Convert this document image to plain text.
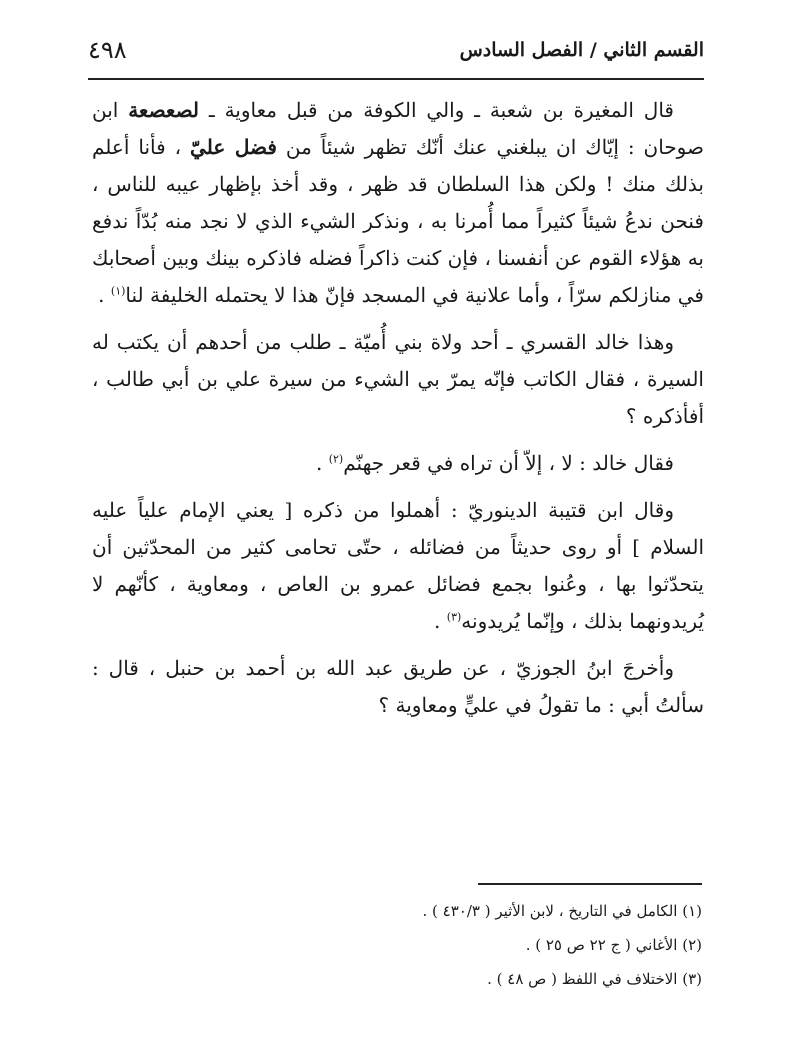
القسم الثاني / الفصل السادس
٤٩٨

قال المغيرة بن شعبة ـ والي الكوفة من قبل معاوية ـ لصعصعة ابن صوحان : إيّاك ان يبلغني عنك أنّك تظهر شيئاً من فضل عليّ ، فأنا أعلم بذلك منك ! ولكن هذا السلطان قد ظهر ، وقد أخذ بإظهار عيبه للناس ، فنحن ندعُ شيئاً كثيراً مما أُمرنا به ، ونذكر الشيء الذي لا نجد منه بُدّاً ندفع به هؤلاء القوم عن أنفسنا ، فإن كنت ذاكراً فضله فاذكره بينك وبين أصحابك في منازلكم سرّاً ، وأما علانية في المسجد فإنّ هذا لا يحتمله الخليفة لنا$^{(١)}$ .

وهذا خالد القسري ـ أحد ولاة بني أُميّة ـ طلب من أحدهم أن يكتب له السيرة ، فقال الكاتب فإنّه يمرّ بي الشيء من سيرة علي بن أبي طالب ، أفأذكره ؟

فقال خالد : لا ، إلاّ أن تراه في قعر جهنّم$^{(٢)}$ .

وقال ابن قتيبة الدينوريّ : أهملوا من ذكره [ يعني الإمام علياً عليه السلام ] أو روى حديثاً من فضائله ، حتّى تحامى كثير من المحدّثين أن يتحدّثوا بها ، وعُنوا بجمع فضائل عمرو بن العاص ، ومعاوية ، كأنّهم لا يُريدونهما بذلك ، وإنّما يُريدونه$^{(٣)}$ .

وأخرجَ ابنُ الجوزيّ ، عن طريق عبد الله بن أحمد بن حنبل ، قال : سألتُ أبي : ما تقولُ في عليٍّ ومعاوية ؟

(١) الكامل في التاريخ ، لابن الأثير ( ٤٣٠/٣ ) .

(٢) الأغاني ( ج ٢٢ ص ٢٥ ) .

(٣) الاختلاف في اللفظ ( ص ٤٨ ) .
